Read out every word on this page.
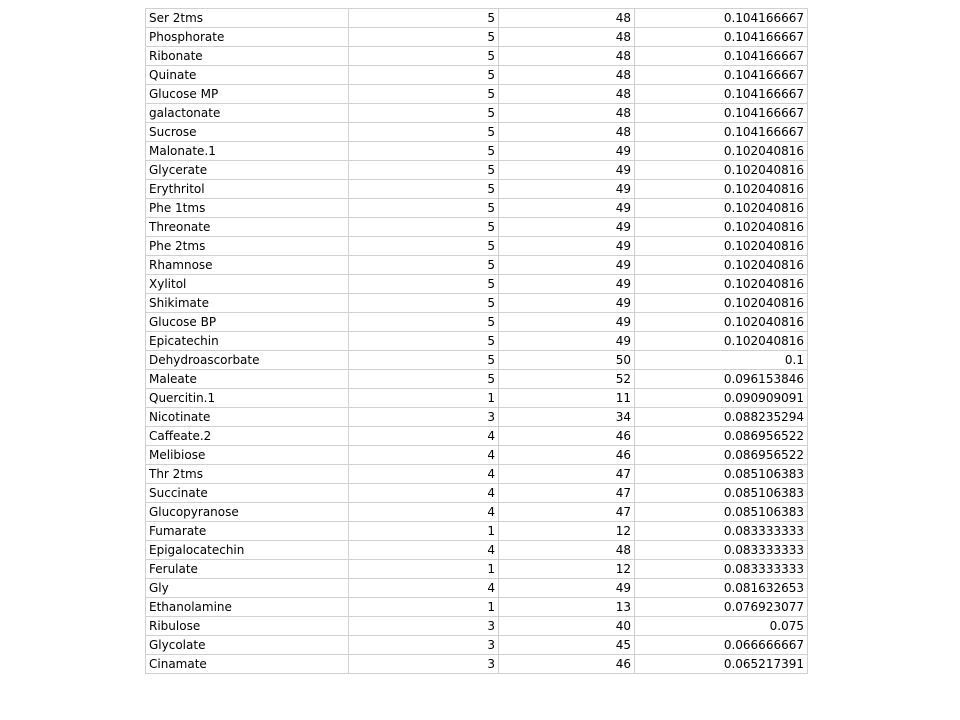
Ser 2tms	5	48	0.104166667
Phosphorate	5	48	0.104166667
Ribonate	5	48	0.104166667
Quinate	5	48	0.104166667
Glucose MP	5	48	0.104166667
galactonate	5	48	0.104166667
Sucrose	5	48	0.104166667
Malonate.1	5	49	0.102040816
Glycerate	5	49	0.102040816
Erythritol	5	49	0.102040816
Phe 1tms	5	49	0.102040816
Threonate	5	49	0.102040816
Phe 2tms	5	49	0.102040816
Rhamnose	5	49	0.102040816
Xylitol	5	49	0.102040816
Shikimate	5	49	0.102040816
Glucose BP	5	49	0.102040816
Epicatechin	5	49	0.102040816
Dehydroascorbate	5	50	0.1
Maleate	5	52	0.096153846
Quercitin.1	1	11	0.090909091
Nicotinate	3	34	0.088235294
Caffeate.2	4	46	0.086956522
Melibiose	4	46	0.086956522
Thr 2tms	4	47	0.085106383
Succinate	4	47	0.085106383
Glucopyranose	4	47	0.085106383
Fumarate	1	12	0.083333333
Epigalocatechin	4	48	0.083333333
Ferulate	1	12	0.083333333
Gly	4	49	0.081632653
Ethanolamine	1	13	0.076923077
Ribulose	3	40	0.075
Glycolate	3	45	0.066666667
Cinamate	3	46	0.065217391
